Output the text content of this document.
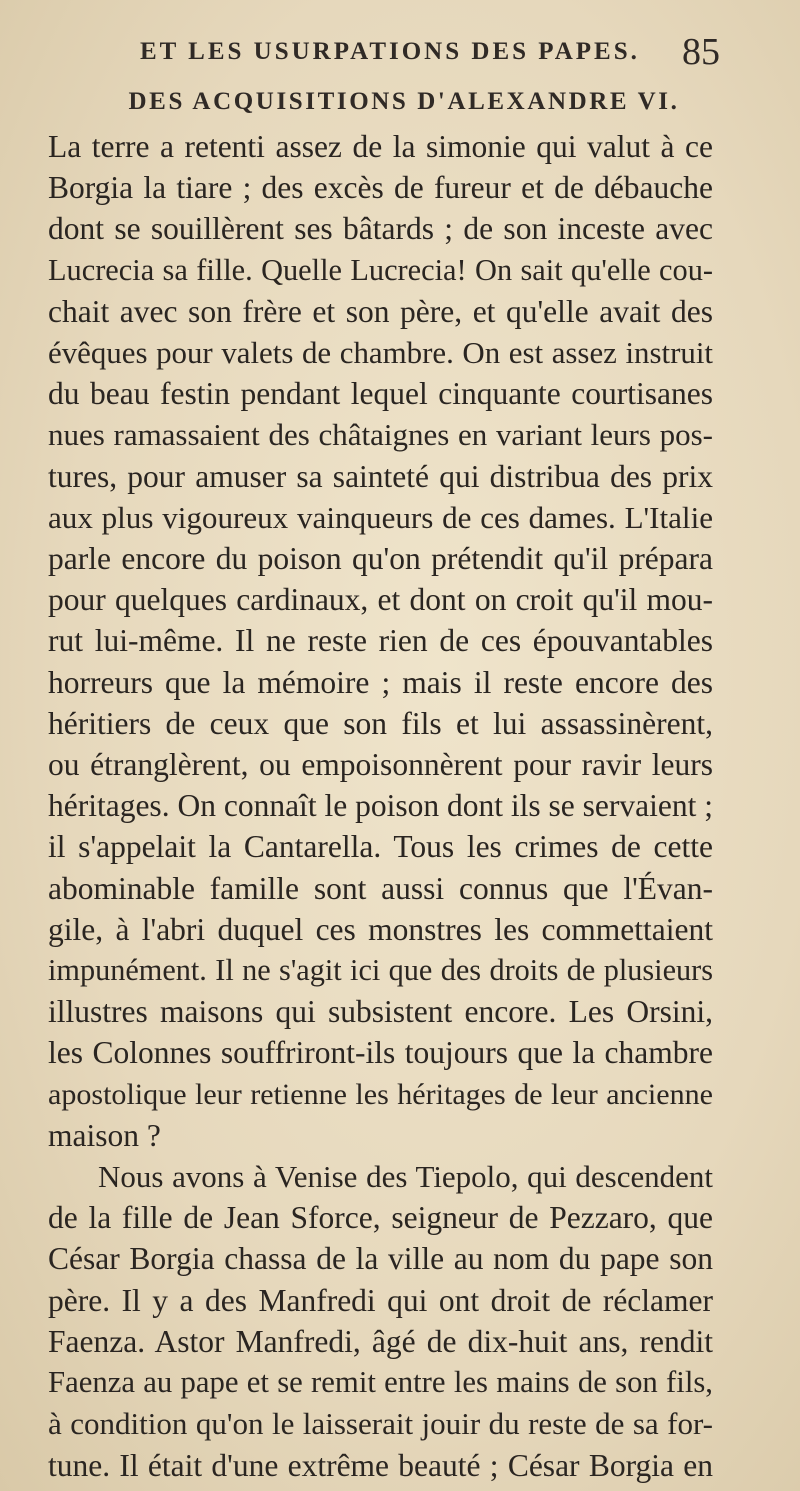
ET LES USURPATIONS DES PAPES. 85
DES ACQUISITIONS D'ALEXANDRE VI.
La terre a retenti assez de la simonie qui valut à ce
Borgia la tiare ; des excès de fureur et de débauche
dont se souillèrent ses bâtards ; de son inceste avec
Lucrecia sa fille. Quelle Lucrecia! On sait qu'elle cou-
chait avec son frère et son père, et qu'elle avait des
évêques pour valets de chambre. On est assez instruit
du beau festin pendant lequel cinquante courtisanes
nues ramassaient des châtaignes en variant leurs pos-
tures, pour amuser sa sainteté qui distribua des prix
aux plus vigoureux vainqueurs de ces dames. L'Italie
parle encore du poison qu'on prétendit qu'il prépara
pour quelques cardinaux, et dont on croit qu'il mou-
rut lui-même. Il ne reste rien de ces épouvantables
horreurs que la mémoire ; mais il reste encore des
héritiers de ceux que son fils et lui assassinèrent,
ou étranglèrent, ou empoisonnèrent pour ravir leurs
héritages. On connaît le poison dont ils se servaient ;
il s'appelait la Cantarella. Tous les crimes de cette
abominable famille sont aussi connus que l'Évan-
gile, à l'abri duquel ces monstres les commettaient
impunément. Il ne s'agit ici que des droits de plusieurs
illustres maisons qui subsistent encore. Les Orsini,
les Colonnes souffriront-ils toujours que la chambre
apostolique leur retienne les héritages de leur ancienne
maison ?
Nous avons à Venise des Tiepolo, qui descendent
de la fille de Jean Sforce, seigneur de Pezzaro, que
César Borgia chassa de la ville au nom du pape son
père. Il y a des Manfredi qui ont droit de réclamer
Faenza. Astor Manfredi, âgé de dix-huit ans, rendit
Faenza au pape et se remit entre les mains de son fils,
à condition qu'on le laisserait jouir du reste de sa for-
tune. Il était d'une extrême beauté ; César Borgia en
